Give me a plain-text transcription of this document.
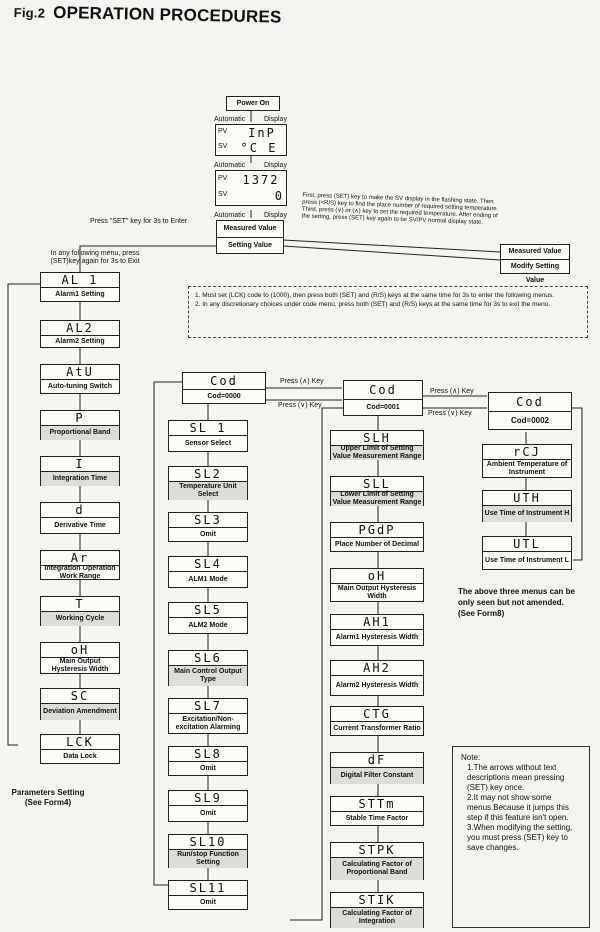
Fig.2 OPERATION PROCEDURES
Power On
Automatic	Display
PV	InP
SV	°C E
Automatic	Display
PV	1372
SV	0
Automatic	Display
Measured Value
Setting Value
First, press (SET) key to make the SV display in the flashing state. Then press (<R/S) key to find the place number of required setting temperature. Third, press (∨) or (∧) key to set the required temperature. After ending of the setting, press (SET) key again to be SV/PV normal display state.
Measured Value
Modify Setting Value
Press "SET" key for 3s to Enter
In any following menu, press (SET)key again for 3s to Exit
1. Must set (LCK) code to (1000), then press both (SET) and (R/S) keys at the same time for 3s to enter the following menus.
2. In any discretionary choices under code menu, press both (SET) and (R/S) keys at the same time for 3s to exit the menu.
AL 1
Alarm1 Setting
AL2
Alarm2 Setting
AtU
Auto-tuning Switch
P
Proportional Band
I
Integration Time
d
Derivative Time
Ar
Integration Operation Work Range
T
Working Cycle
oH
Main Output Hysteresis Width
SC
Deviation Amendment
LCK
Data Lock
Parameters Setting
(See Form4)
Cod
Cod=0000	Cod
Cod=0001	Cod
Cod=0002
Press (∧) Key
Press (∨) Key
Press (∧) Key
Press (∨) Key
SL 1
Sensor Select
SL2
Temperature Unit Select
SL3
Omit
SL4
ALM1 Mode
SL5
ALM2 Mode
SL6
Main Control Output Type
SL7
Excitation/Non-excitation Alarming
SL8
Omit
SL9
Omit
SL10
Run/stop Function Setting
SL11
Omit
SLH
Upper Limit of Setting Value Measurement Range
SLL
Lower Limit of Setting Value Measurement Range
PGdP
Place Number of Decimal
oH
Main Output Hysteresis Width
AH1
Alarm1 Hysteresis Width
AH2
Alarm2 Hysteresis Width
CTG
Current Transformer Ratio
dF
Digital Filter Constant
STTm
Stable Time Factor
STPK
Calculating Factor of Proportional Band
STIK
Calculating Factor of Integration
rCJ
Ambient Temperature of Instrument
UTH
Use Time of Instrument H
UTL
Use Time of Instrument L
The above three menus can be only seen but not amended.(See Form8)
Note:
1.The arrows without text descriptions mean pressing (SET) key once.
2.It may not show some menus.Because it jumps this step if this feature isn't open.
3.When modifying the setting, you must press (SET) key to save changes.
